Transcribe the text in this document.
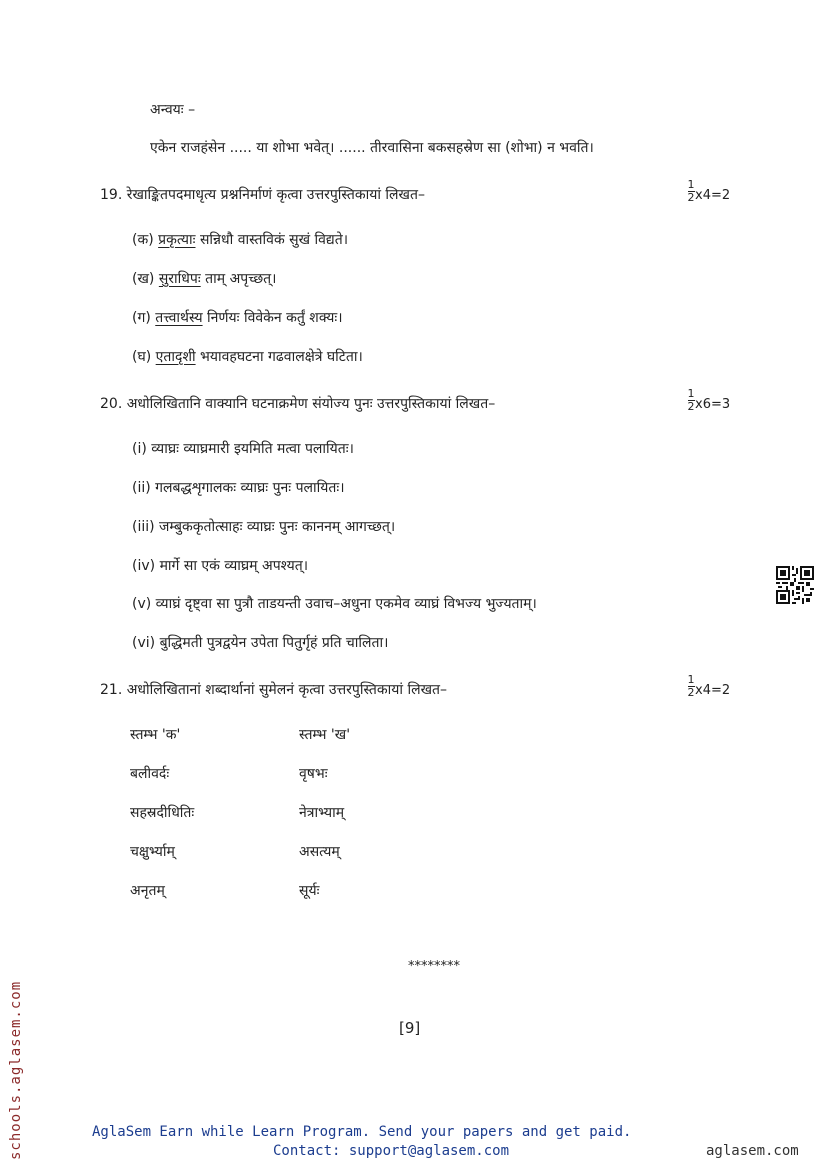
अन्वयः –
एकेन राजहंसेन ..... या शोभा भवेत्। ...... तीरवासिना बकसहस्रेण सा (शोभा) न भवति।
19. रेखाङ्कितपदमाधृत्य प्रश्ननिर्माणं कृत्वा उत्तरपुस्तिकायां लिखत–	$\frac{1}{2} x4=2$
(क) प्रकृत्याः सन्निधौ वास्तविकं सुखं विद्यते।
(ख) सुराधिपः ताम् अपृच्छत्।
(ग) तत्त्वार्थस्य निर्णयः विवेकेन कर्तुं शक्यः।
(घ) एतादृशी भयावहघटना गढवालक्षेत्रे घटिता।
20. अधोलिखितानि वाक्यानि घटनाक्रमेण संयोज्य पुनः उत्तरपुस्तिकायां लिखत–	$\frac{1}{2} x6=3$
(i) व्याघ्रः व्याघ्रमारी इयमिति मत्वा पलायितः।
(ii) गलबद्धशृगालकः व्याघ्रः पुनः पलायितः।
(iii) जम्बुककृतोत्साहः व्याघ्रः पुनः काननम् आगच्छत्।
(iv) मार्गे सा एकं व्याघ्रम् अपश्यत्।
(v) व्याघ्रं दृष्ट्वा सा पुत्रौ ताडयन्ती उवाच–अधुना एकमेव व्याघ्रं विभज्य भुज्यताम्।
(vi) बुद्धिमती पुत्रद्वयेन उपेता पितुर्गृहं प्रति चालिता।
21. अधोलिखितानां शब्दार्थानां सुमेलनं कृत्वा उत्तरपुस्तिकायां लिखत–	$\frac{1}{2} x4=2$
स्तम्भ 'क'	स्तम्भ 'ख'
बलीवर्दः	वृषभः
सहस्रदीधितिः	नेत्राभ्याम्
चक्षुर्भ्याम्	असत्यम्
अनृतम्	सूर्यः
********
[9]
schools.aglasem.com	AglaSem Earn while Learn Program. Send your papers and get paid.
Contact: support@aglasem.com	aglasem.com
